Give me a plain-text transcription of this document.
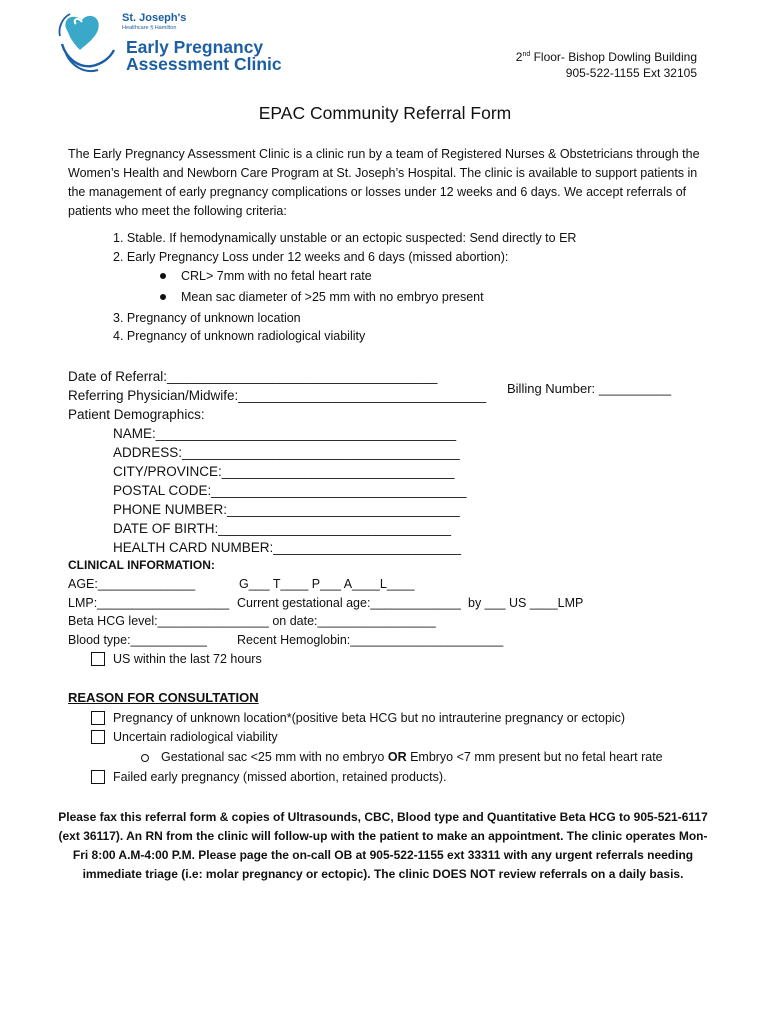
St. Joseph's
Healthcare § Hamilton
Early Pregnancy
Assessment Clinic	2nd Floor- Bishop Dowling Building
905-522-1155 Ext 32105
EPAC Community Referral Form
The Early Pregnancy Assessment Clinic is a clinic run by a team of Registered Nurses & Obstetricians through the Women’s Health and Newborn Care Program at St. Joseph’s Hospital. The clinic is available to support patients in the management of early pregnancy complications or losses under 12 weeks and 6 days. We accept referrals of patients who meet the following criteria:
1. Stable. If hemodynamically unstable or an ectopic suspected: Send directly to ER
2. Early Pregnancy Loss under 12 weeks and 6 days (missed abortion):
CRL> 7mm with no fetal heart rate
Mean sac diameter of >25 mm with no embryo present
3. Pregnancy of unknown location
4. Pregnancy of unknown radiological viability
Date of Referral:____________________________________
Referring Physician/Midwife:_________________________________ Billing Number: __________
Patient Demographics:
NAME:________________________________________
ADDRESS:_____________________________________
CITY/PROVINCE:_______________________________
POSTAL CODE:__________________________________
PHONE NUMBER:_______________________________
DATE OF BIRTH:_______________________________
HEALTH CARD NUMBER:_________________________
CLINICAL INFORMATION:
AGE:______________	G___ T____ P___ A____L____
LMP:___________________ Current gestational age:_____________ by ___ US ____LMP
Beta HCG level:________________ on date:_________________
Blood type:___________ Recent Hemoglobin:______________________
US within the last 72 hours
REASON FOR CONSULTATION
Pregnancy of unknown location*(positive beta HCG but no intrauterine pregnancy or ectopic)
Uncertain radiological viability
Gestational sac <25 mm with no embryo OR Embryo <7 mm present but no fetal heart rate
Failed early pregnancy (missed abortion, retained products).
Please fax this referral form & copies of Ultrasounds, CBC, Blood type and Quantitative Beta HCG to 905-521-6117 (ext 36117). An RN from the clinic will follow-up with the patient to make an appointment. The clinic operates Mon-Fri 8:00 A.M-4:00 P.M. Please page the on-call OB at 905-522-1155 ext 33311 with any urgent referrals needing immediate triage (i.e: molar pregnancy or ectopic). The clinic DOES NOT review referrals on a daily basis.
